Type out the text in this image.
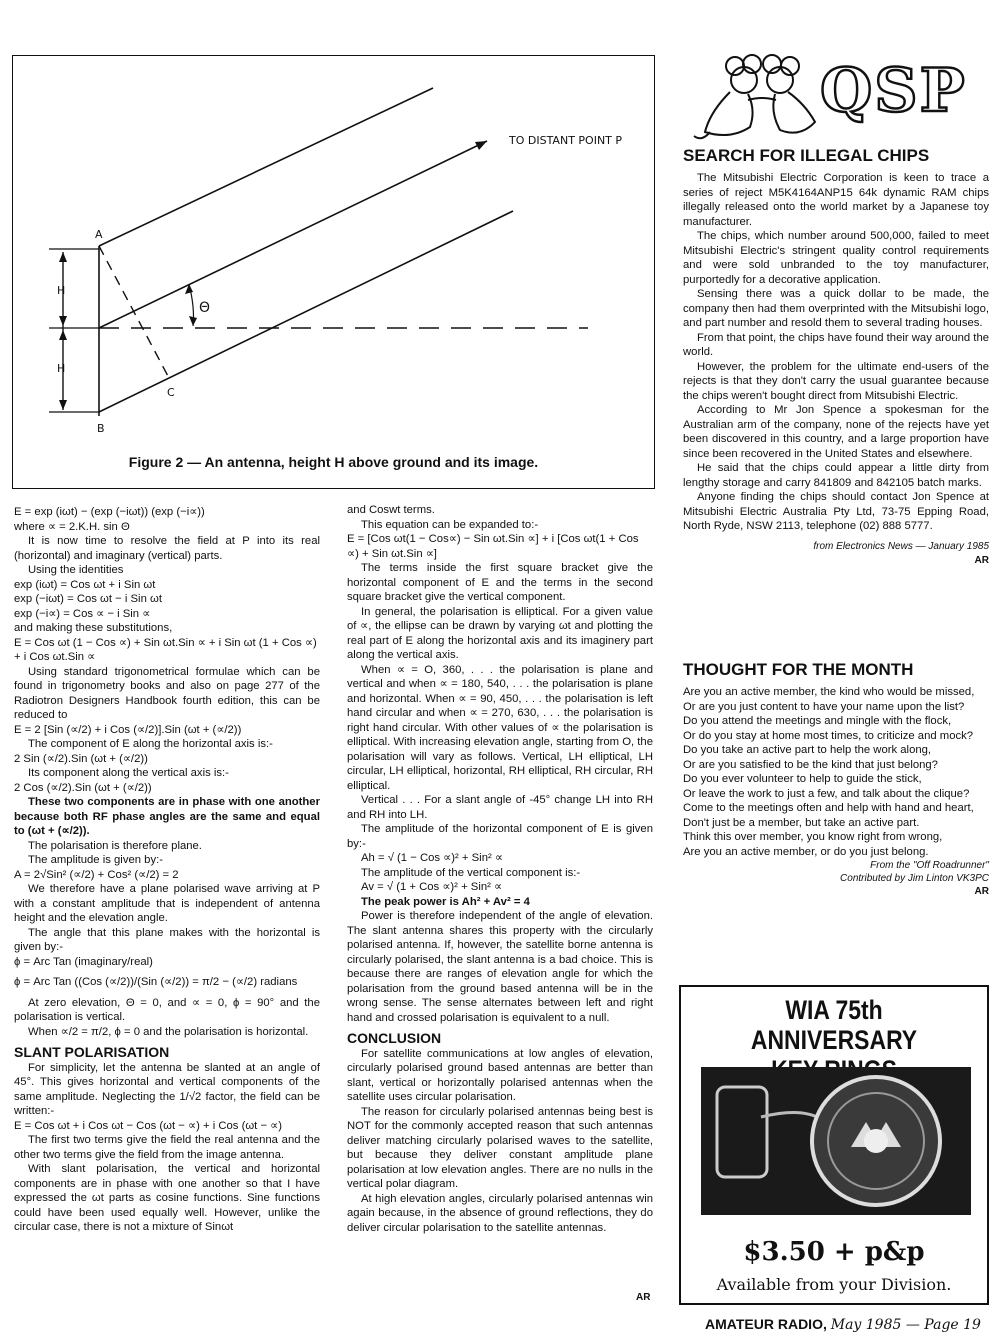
TO DISTANT POINT P
A
B
C
H
H
Θ
Figure 2 — An antenna, height H above ground and its image.

E = exp (iωt) − (exp (−iωt)) (exp (−i∝))

where ∝ = 2.K.H. sin Θ

It is now time to resolve the field at P into its real (horizontal) and imaginary (vertical) parts.

Using the identities

exp (iωt) = Cos ωt + i Sin ωt

exp (−iωt) = Cos ωt − i Sin ωt

exp (−i∝) = Cos ∝ − i Sin ∝

and making these substitutions,

E = Cos ωt (1 − Cos ∝) + Sin ωt.Sin ∝ + i Sin ωt (1 + Cos ∝) + i Cos ωt.Sin ∝

Using standard trigonometrical formulae which can be found in trigonometry books and also on page 277 of the Radiotron Designers Handbook fourth edition, this can be reduced to

E = 2 [Sin (∝/2) + i Cos (∝/2)].Sin (ωt + (∝/2))

The component of E along the horizontal axis is:-

2 Sin (∝/2).Sin (ωt + (∝/2))

Its component along the vertical axis is:-

2 Cos (∝/2).Sin (ωt + (∝/2))

These two components are in phase with one another because both RF phase angles are the same and equal to (ωt + (∝/2)).

The polarisation is therefore plane.

The amplitude is given by:-

A = 2√Sin² (∝/2) + Cos² (∝/2) = 2

We therefore have a plane polarised wave arriving at P with a constant amplitude that is independent of antenna height and the elevation angle.

The angle that this plane makes with the horizontal is given by:-

ϕ = Arc Tan (imaginary/real)

ϕ = Arc Tan ((Cos (∝/2))/(Sin (∝/2)) = π/2 − (∝/2) radians

At zero elevation, Θ = 0, and ∝ = 0, ϕ = 90° and the polarisation is vertical.

When ∝/2 = π/2, ϕ = 0 and the polarisation is horizontal.

SLANT POLARISATION

For simplicity, let the antenna be slanted at an angle of 45°. This gives horizontal and vertical components of the same amplitude. Neglecting the 1/√2 factor, the field can be written:-

E = Cos ωt + i Cos ωt − Cos (ωt − ∝) + i Cos (ωt − ∝)

The first two terms give the field the real antenna and the other two terms give the field from the image antenna.

With slant polarisation, the vertical and horizontal components are in phase with one another so that I have expressed the ωt parts as cosine functions. Sine functions could have been used equally well. However, unlike the circular case, there is not a mixture of Sinωt

and Coswt terms.

This equation can be expanded to:-

E = [Cos ωt(1 − Cos∝) − Sin ωt.Sin ∝] + i [Cos ωt(1 + Cos ∝) + Sin ωt.Sin ∝]

The terms inside the first square bracket give the horizontal component of E and the terms in the second square bracket give the vertical component.

In general, the polarisation is elliptical. For a given value of ∝, the ellipse can be drawn by varying ωt and plotting the real part of E along the horizontal axis and its imaginery part along the vertical axis.

When ∝ = O, 360, . . . the polarisation is plane and vertical and when ∝ = 180, 540, . . . the polarisation is plane and horizontal. When ∝ = 90, 450, . . . the polarisation is left hand circular and when ∝ = 270, 630, . . . the polarisation is right hand circular. With other values of ∝ the polarisation is elliptical. With increasing elevation angle, starting from O, the polarisation will vary as follows. Vertical, LH elliptical, LH circular, LH elliptical, horizontal, RH elliptical, RH circular, RH elliptical.

Vertical . . . For a slant angle of -45° change LH into RH and RH into LH.

The amplitude of the horizontal component of E is given by:-

Ah = √ (1 − Cos ∝)² + Sin² ∝

The amplitude of the vertical component is:-

Av = √ (1 + Cos ∝)² + Sin² ∝

The peak power is Ah² + Av² = 4

Power is therefore independent of the angle of elevation. The slant antenna shares this property with the circularly polarised antenna. If, however, the satellite borne antenna is circularly polarised, the slant antenna is a bad choice. This is because there are ranges of elevation angle for which the polarisation from the ground based antenna will be in the wrong sense. The sense alternates between left and right hand and crossed polarisation is equivalent to a null.

CONCLUSION

For satellite communications at low angles of elevation, circularly polarised ground based antennas are better than slant, vertical or horizontally polarised antennas when the satellite uses circular polarisation.

The reason for circularly polarised antennas being best is NOT for the commonly accepted reason that such antennas deliver matching circularly polarised waves to the satellite, but because they deliver constant amplitude plane polarisation at low elevation angles. There are no nulls in the vertical polar diagram.

At high elevation angles, circularly polarised antennas win again because, in the absence of ground reflections, they do deliver circular polarisation to the satellite antennas.

AR
QSP
SEARCH FOR ILLEGAL CHIPS

The Mitsubishi Electric Corporation is keen to trace a series of reject M5K4164ANP15 64k dynamic RAM chips illegally released onto the world market by a Japanese toy manufacturer.

The chips, which number around 500,000, failed to meet Mitsubishi Electric's stringent quality control requirements and were sold unbranded to the toy manufacturer, purportedly for a decorative application.

Sensing there was a quick dollar to be made, the company then had them overprinted with the Mitsubishi logo, and part number and resold them to several trading houses.

From that point, the chips have found their way around the world.

However, the problem for the ultimate end-users of the rejects is that they don't carry the usual guarantee because the chips weren't bought direct from Mitsubishi Electric.

According to Mr Jon Spence a spokesman for the Australian arm of the company, none of the rejects have yet been discovered in this country, and a large proportion have since been recovered in the United States and elsewhere.

He said that the chips could appear a little dirty from lengthy storage and carry 841809 and 842105 batch marks.

Anyone finding the chips should contact Jon Spence at Mitsubishi Electric Australia Pty Ltd, 73-75 Epping Road, North Ryde, NSW 2113, telephone (02) 888 5777.

from Electronics News — January 1985
AR
THOUGHT FOR THE MONTH

Are you an active member, the kind who would be missed,

Or are you just content to have your name upon the list?

Do you attend the meetings and mingle with the flock,

Or do you stay at home most times, to criticize and mock?

Do you take an active part to help the work along,

Or are you satisfied to be the kind that just belong?

Do you ever volunteer to help to guide the stick,

Or leave the work to just a few, and talk about the clique?

Come to the meetings often and help with hand and heart,

Don't just be a member, but take an active part.

Think this over member, you know right from wrong,

Are you an active member, or do you just belong.

From the "Off Roadrunner"
Contributed by Jim Linton VK3PC
AR
WIA 75th ANNIVERSARY
$3.50 + p&p
Available from your Division.
AMATEUR RADIO, May 1985 — Page 19
